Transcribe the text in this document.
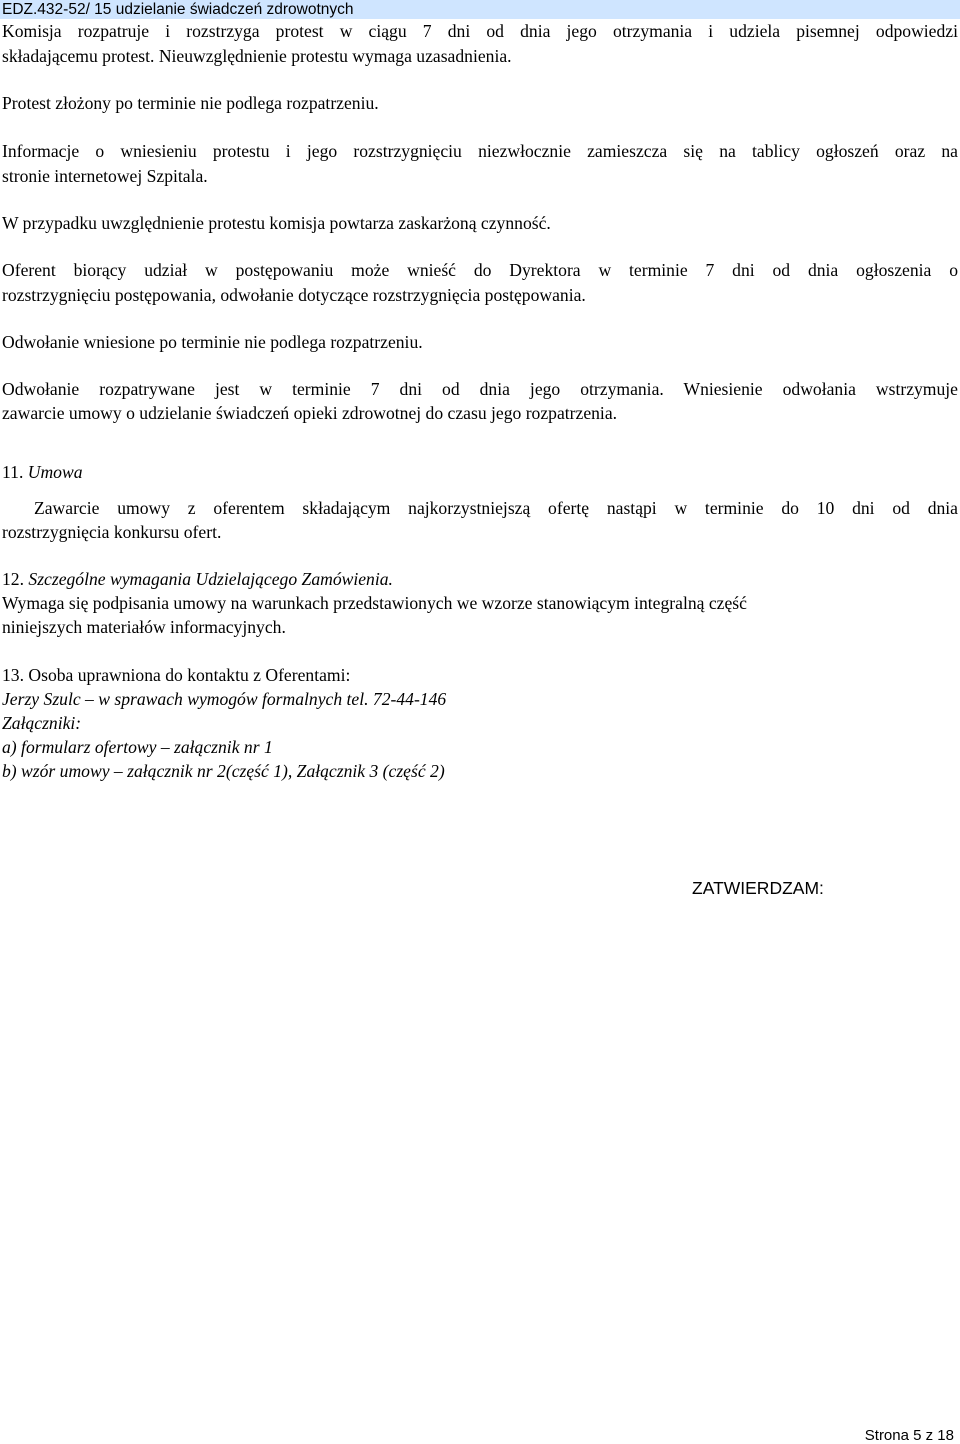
EDZ.432-52/ 15 udzielanie świadczeń zdrowotnych
Komisja rozpatruje i rozstrzyga protest w ciągu 7 dni od dnia jego otrzymania i udziela pisemnej odpowiedzi
składającemu protest. Nieuwzględnienie protestu wymaga uzasadnienia.
Protest złożony po terminie nie podlega rozpatrzeniu.
Informacje o wniesieniu protestu i jego rozstrzygnięciu niezwłocznie zamieszcza się na tablicy ogłoszeń oraz na
stronie internetowej Szpitala.
W przypadku uwzględnienie protestu komisja powtarza zaskarżoną czynność.
Oferent biorący udział w postępowaniu może wnieść do Dyrektora w terminie 7 dni od dnia ogłoszenia o
rozstrzygnięciu postępowania, odwołanie dotyczące rozstrzygnięcia postępowania.
Odwołanie wniesione po terminie nie podlega rozpatrzeniu.
Odwołanie rozpatrywane jest w terminie 7 dni od dnia jego otrzymania. Wniesienie odwołania wstrzymuje
zawarcie umowy o udzielanie świadczeń opieki zdrowotnej do czasu jego rozpatrzenia.
11. Umowa
Zawarcie umowy z oferentem składającym najkorzystniejszą ofertę nastąpi w terminie do 10 dni od dnia
rozstrzygnięcia konkursu ofert.
12. Szczególne wymagania Udzielającego Zamówienia.
Wymaga się podpisania umowy na warunkach przedstawionych we wzorze stanowiącym integralną część
niniejszych materiałów informacyjnych.
13. Osoba uprawniona do kontaktu z Oferentami:
Jerzy Szulc – w sprawach wymogów formalnych tel. 72-44-146
Załączniki:
a) formularz ofertowy – załącznik nr 1
b) wzór umowy – załącznik nr 2(część 1), Załącznik 3 (część 2)
ZATWIERDZAM:
Strona 5 z 18
